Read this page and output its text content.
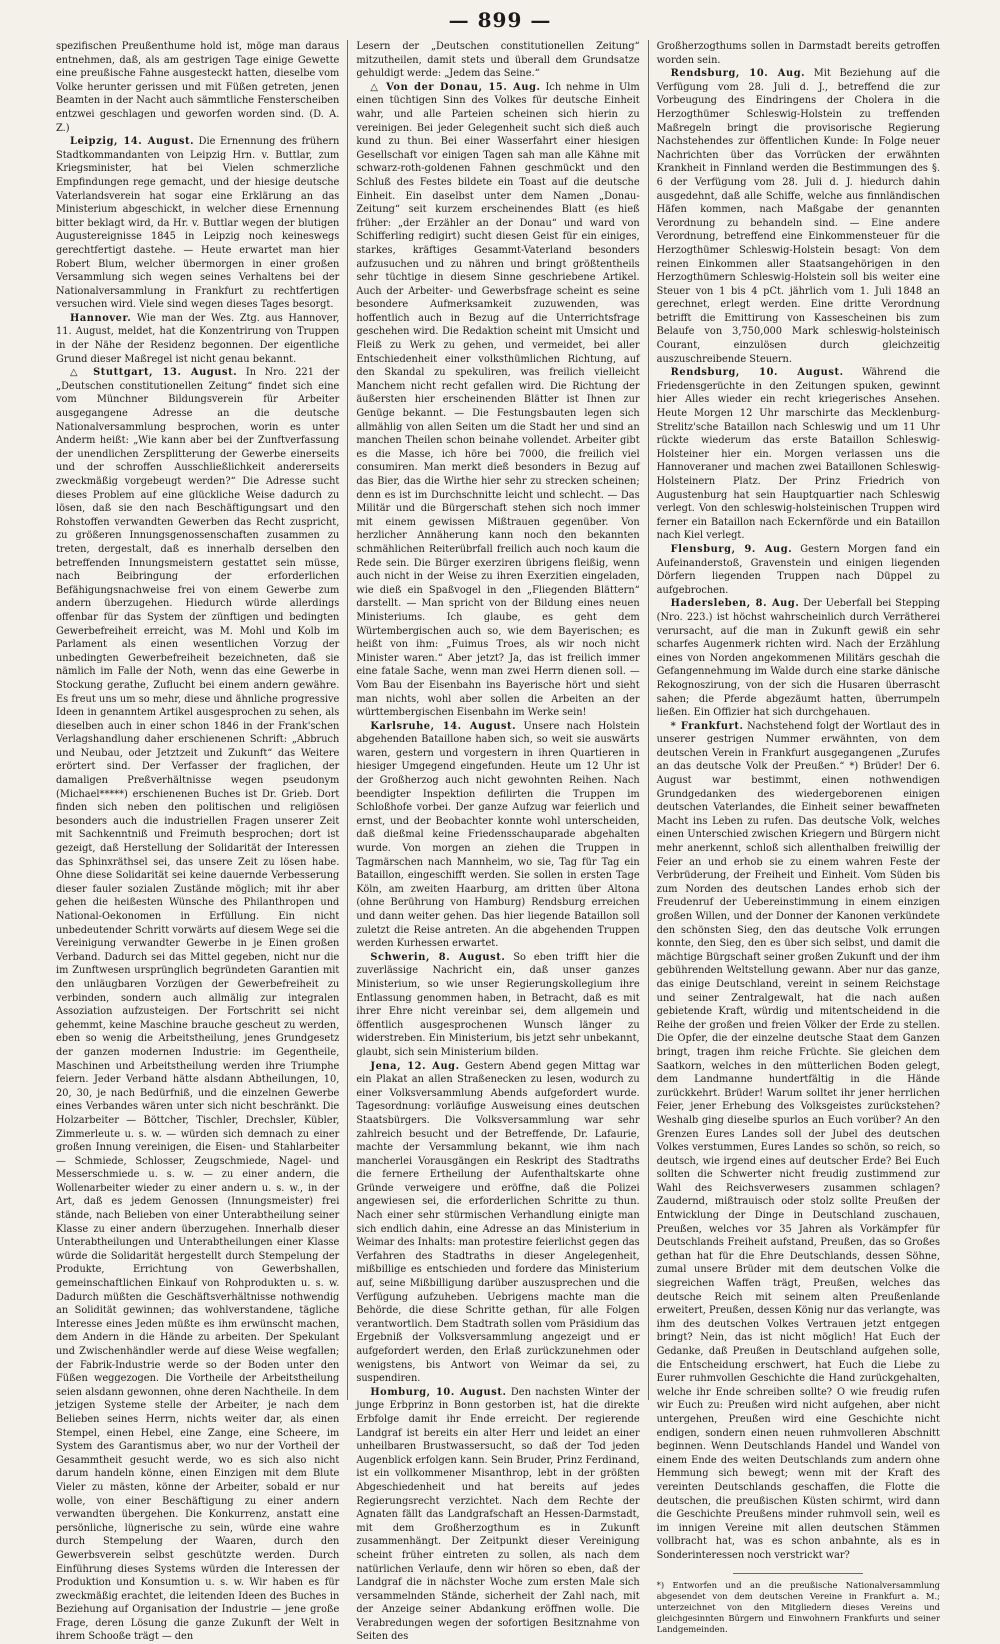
— 899 —

spezifischen Preußenthume hold ist, möge man daraus entnehmen, daß, als am gestrigen Tage einige Gewette eine preußische Fahne ausgesteckt hatten, dieselbe vom Volke herunter gerissen und mit Füßen getreten, jenen Beamten in der Nacht auch sämmtliche Fensterscheiben entzwei geschlagen und geworfen worden sind. (D. A. Z.)

Leipzig, 14. August. Die Ernennung des frühern Stadtkommandanten von Leipzig Hrn. v. Buttlar, zum Kriegsminister, hat bei Vielen schmerzliche Empfindungen rege gemacht, und der hiesige deutsche Vaterlandsverein hat sogar eine Erklärung an das Ministerium abgeschickt, in welcher diese Ernennung bitter beklagt wird, da Hr. v. Buttlar wegen der blutigen Augustereignisse 1845 in Leipzig noch keineswegs gerechtfertigt dastehe. — Heute erwartet man hier Robert Blum, welcher übermorgen in einer großen Versammlung sich wegen seines Verhaltens bei der Nationalversammlung in Frankfurt zu rechtfertigen versuchen wird. Viele sind wegen dieses Tages besorgt.

Hannover. Wie man der Wes. Ztg. aus Hannover, 11. August, meldet, hat die Konzentrirung von Truppen in der Nähe der Residenz begonnen. Der eigentliche Grund dieser Maßregel ist nicht genau bekannt.

△ Stuttgart, 13. August. In Nro. 221 der „Deutschen constitutionellen Zeitung“ findet sich eine vom Münchner Bildungsverein für Arbeiter ausgegangene Adresse an die deutsche Nationalversammlung besprochen, worin es unter Anderm heißt: „Wie kann aber bei der Zunftverfassung der unendlichen Zersplitterung der Gewerbe einerseits und der schroffen Ausschließlichkeit andererseits zweckmäßig vorgebeugt werden?“ Die Adresse sucht dieses Problem auf eine glückliche Weise dadurch zu lösen, daß sie den nach Beschäftigungsart und den Rohstoffen verwandten Gewerben das Recht zuspricht, zu größeren Innungsgenossenschaften zusammen zu treten, dergestalt, daß es innerhalb derselben den betreffenden Innungsmeistern gestattet sein müsse, nach Beibringung der erforderlichen Befähigungsnachweise frei von einem Gewerbe zum andern überzugehen. Hiedurch würde allerdings offenbar für das System der zünftigen und bedingten Gewerbefreiheit erreicht, was M. Mohl und Kolb im Parlament als einen wesentlichen Vorzug der unbedingten Gewerbefreiheit bezeichneten, daß sie nämlich im Falle der Noth, wenn das eine Gewerbe in Stockung gerathe, Zuflucht bei einem andern gewähre. Es freut uns um so mehr, diese und ähnliche progressive Ideen in genanntem Artikel ausgesprochen zu sehen, als dieselben auch in einer schon 1846 in der Frank'schen Verlagshandlung daher erschienenen Schrift: „Abbruch und Neubau, oder Jetztzeit und Zukunft“ das Weitere erörtert sind. Der Verfasser der fraglichen, der damaligen Preßverhältnisse wegen pseudonym (Michael*****) erschienenen Buches ist Dr. Grieb. Dort finden sich neben den politischen und religiösen besonders auch die industriellen Fragen unserer Zeit mit Sachkenntniß und Freimuth besprochen; dort ist gezeigt, daß Herstellung der Solidarität der Interessen das Sphinxräthsel sei, das unsere Zeit zu lösen habe. Ohne diese Solidarität sei keine dauernde Verbesserung dieser fauler sozialen Zustände möglich; mit ihr aber gehen die heißesten Wünsche des Philanthropen und National-Oekonomen in Erfüllung. Ein nicht unbedeutender Schritt vorwärts auf diesem Wege sei die Vereinigung verwandter Gewerbe in je Einen großen Verband. Dadurch sei das Mittel gegeben, nicht nur die im Zunftwesen ursprünglich begründeten Garantien mit den unläugbaren Vorzügen der Gewerbefreiheit zu verbinden, sondern auch allmälig zur integralen Assoziation aufzusteigen. Der Fortschritt sei nicht gehemmt, keine Maschine brauche gescheut zu werden, eben so wenig die Arbeitstheilung, jenes Grundgesetz der ganzen modernen Industrie: im Gegentheile, Maschinen und Arbeitstheilung werden ihre Triumphe feiern. Jeder Verband hätte alsdann Abtheilungen, 10, 20, 30, je nach Bedürfniß, und die einzelnen Gewerbe eines Verbandes wären unter sich nicht beschränkt. Die Holzarbeiter — Böttcher, Tischler, Drechsler, Kübler, Zimmerleute u. s. w. — würden sich demnach zu einer großen Innung vereinigen, die Eisen- und Stahlarbeiter — Schmiede, Schlosser, Zeugschmiede, Nagel- und Messerschmiede u. s. w. — zu einer andern, die Wollenarbeiter wieder zu einer andern u. s. w., in der Art, daß es jedem Genossen (Innungsmeister) frei stände, nach Belieben von einer Unterabtheilung seiner Klasse zu einer andern überzugehen. Innerhalb dieser Unterabtheilungen und Unterabtheilungen einer Klasse würde die Solidarität hergestellt durch Stempelung der Produkte, Errichtung von Gewerbshallen, gemeinschaftlichen Einkauf von Rohprodukten u. s. w. Dadurch müßten die Geschäftsverhältnisse nothwendig an Solidität gewinnen; das wohlverstandene, tägliche Interesse eines Jeden müßte es ihm erwünscht machen, dem Andern in die Hände zu arbeiten. Der Spekulant und Zwischenhändler werde auf diese Weise wegfallen; der Fabrik-Industrie werde so der Boden unter den Füßen weggezogen. Die Vortheile der Arbeitstheilung seien alsdann gewonnen, ohne deren Nachtheile. In dem jetzigen Systeme stelle der Arbeiter, je nach dem Belieben seines Herrn, nichts weiter dar, als einen Stempel, einen Hebel, eine Zange, eine Scheere, im System des Garantismus aber, wo nur der Vortheil der Gesammtheit gesucht werde, wo es sich also nicht darum handeln könne, einen Einzigen mit dem Blute Vieler zu mästen, könne der Arbeiter, sobald er nur wolle, von einer Beschäftigung zu einer andern verwandten übergehen. Die Konkurrenz, anstatt eine persönliche, lügnerische zu sein, würde eine wahre durch Stempelung der Waaren, durch den Gewerbsverein selbst geschützte werden. Durch Einführung dieses Systems würden die Interessen der Produktion und Konsumtion u. s. w. Wir haben es für zweckmäßig erachtet, die leitenden Ideen des Buches in Beziehung auf Organisation der Industrie — jene große Frage, deren Lösung die ganze Zukunft der Welt in ihrem Schooße trägt — den

Lesern der „Deutschen constitutionellen Zeitung“ mitzutheilen, damit stets und überall dem Grundsatze gehuldigt werde: „Jedem das Seine.“

△ Von der Donau, 15. Aug. Ich nehme in Ulm einen tüchtigen Sinn des Volkes für deutsche Einheit wahr, und alle Parteien scheinen sich hierin zu vereinigen. Bei jeder Gelegenheit sucht sich dieß auch kund zu thun. Bei einer Wasserfahrt einer hiesigen Gesellschaft vor einigen Tagen sah man alle Kähne mit schwarz-roth-goldenen Fahnen geschmückt und den Schluß des Festes bildete ein Toast auf die deutsche Einheit. Ein daselbst unter dem Namen „Donau-Zeitung“ seit kurzem erscheinendes Blatt (es hieß früher: „der Erzähler an der Donau“ und ward von Schifferling redigirt) sucht diesen Geist für ein einiges, starkes, kräftiges Gesammt-Vaterland besonders aufzusuchen und zu nähren und bringt größtentheils sehr tüchtige in diesem Sinne geschriebene Artikel. Auch der Arbeiter- und Gewerbsfrage scheint es seine besondere Aufmerksamkeit zuzuwenden, was hoffentlich auch in Bezug auf die Unterrichtsfrage geschehen wird. Die Redaktion scheint mit Umsicht und Fleiß zu Werk zu gehen, und vermeidet, bei aller Entschiedenheit einer volksthümlichen Richtung, auf den Skandal zu spekuliren, was freilich vielleicht Manchem nicht recht gefallen wird. Die Richtung der äußersten hier erscheinenden Blätter ist Ihnen zur Genüge bekannt. — Die Festungsbauten legen sich allmählig von allen Seiten um die Stadt her und sind an manchen Theilen schon beinahe vollendet. Arbeiter gibt es die Masse, ich höre bei 7000, die freilich viel consumiren. Man merkt dieß besonders in Bezug auf das Bier, das die Wirthe hier sehr zu strecken scheinen; denn es ist im Durchschnitte leicht und schlecht. — Das Militär und die Bürgerschaft stehen sich noch immer mit einem gewissen Mißtrauen gegenüber. Von herzlicher Annäherung kann noch den bekannten schmählichen Reiterübrfall freilich auch noch kaum die Rede sein. Die Bürger exerziren übrigens fleißig, wenn auch nicht in der Weise zu ihren Exerzitien eingeladen, wie dieß ein Spaßvogel in den „Fliegenden Blättern“ darstellt. — Man spricht von der Bildung eines neuen Ministeriums. Ich glaube, es geht dem Würtembergischen auch so, wie dem Bayerischen; es heißt von ihm: „Fuimus Troes, als wir noch nicht Minister waren.“ Aber jetzt? Ja, das ist freilich immer eine fatale Sache, wenn man zwei Herrn dienen soll. — Vom Bau der Eisenbahn ins Bayerische hört und sieht man nichts, wohl aber sollen die Arbeiten an der württembergischen Eisenbahn im Werke sein!

Karlsruhe, 14. August. Unsere nach Holstein abgehenden Bataillone haben sich, so weit sie auswärts waren, gestern und vorgestern in ihren Quartieren in hiesiger Umgegend eingefunden. Heute um 12 Uhr ist der Großherzog auch nicht gewohnten Reihen. Nach beendigter Inspektion defilirten die Truppen im Schloßhofe vorbei. Der ganze Aufzug war feierlich und ernst, und der Beobachter konnte wohl unterscheiden, daß dießmal keine Friedensschauparade abgehalten wurde. Von morgen an ziehen die Truppen in Tagmärschen nach Mannheim, wo sie, Tag für Tag ein Bataillon, eingeschifft werden. Sie sollen in ersten Tage Köln, am zweiten Haarburg, am dritten über Altona (ohne Berührung von Hamburg) Rendsburg erreichen und dann weiter gehen. Das hier liegende Bataillon soll zuletzt die Reise antreten. An die abgehenden Truppen werden Kurhessen erwartet.

Schwerin, 8. August. So eben trifft hier die zuverlässige Nachricht ein, daß unser ganzes Ministerium, so wie unser Regierungskollegium ihre Entlassung genommen haben, in Betracht, daß es mit ihrer Ehre nicht vereinbar sei, dem allgemein und öffentlich ausgesprochenen Wunsch länger zu widerstreben. Ein Ministerium, bis jetzt sehr unbekannt, glaubt, sich sein Ministerium bilden.

Jena, 12. Aug. Gestern Abend gegen Mittag war ein Plakat an allen Straßenecken zu lesen, wodurch zu einer Volksversammlung Abends aufgefordert wurde. Tagesordnung: vorläufige Ausweisung eines deutschen Staatsbürgers. Die Volksversammlung war sehr zahlreich besucht und der Betreffende, Dr. Lafaurie, machte der Versammlung bekannt, wie ihm nach mancherlei Vorausgängen ein Reskript des Stadtraths die fernere Ertheilung der Aufenthaltskarte ohne Gründe verweigere und eröffne, daß die Polizei angewiesen sei, die erforderlichen Schritte zu thun. Nach einer sehr stürmischen Verhandlung einigte man sich endlich dahin, eine Adresse an das Ministerium in Weimar des Inhalts: man protestire feierlichst gegen das Verfahren des Stadtraths in dieser Angelegenheit, mißbillige es entschieden und fordere das Ministerium auf, seine Mißbilligung darüber auszusprechen und die Verfügung aufzuheben. Uebrigens machte man die Behörde, die diese Schritte gethan, für alle Folgen verantwortlich. Dem Stadtrath sollen vom Präsidium das Ergebniß der Volksversammlung angezeigt und er aufgefordert werden, den Erlaß zurückzunehmen oder wenigstens, bis Antwort von Weimar da sei, zu suspendiren.

Homburg, 10. August. Den nachsten Winter der junge Erbprinz in Bonn gestorben ist, hat die direkte Erbfolge damit ihr Ende erreicht. Der regierende Landgraf ist bereits ein alter Herr und leidet an einer unheilbaren Brustwassersucht, so daß der Tod jeden Augenblick erfolgen kann. Sein Bruder, Prinz Ferdinand, ist ein vollkommener Misanthrop, lebt in der größten Abgeschiedenheit und hat bereits auf jedes Regierungsrecht verzichtet. Nach dem Rechte der Agnaten fällt das Landgrafschaft an Hessen-Darmstadt, mit dem Großherzogthum es in Zukunft zusammenhängt. Der Zeitpunkt dieser Vereinigung scheint früher eintreten zu sollen, als nach dem natürlichen Verlaufe, denn wir hören so eben, daß der Landgraf die in nächster Woche zum ersten Male sich versammelnden Stände, sicherheit der Zahl nach, mit der Anzeige seiner Abdankung eröffnen wolle. Die Verabredungen wegen der sofortigen Besitznahme von Seiten des

Großherzogthums sollen in Darmstadt bereits getroffen worden sein.

Rendsburg, 10. Aug. Mit Beziehung auf die Verfügung vom 28. Juli d. J., betreffend die zur Vorbeugung des Eindringens der Cholera in die Herzogthümer Schleswig-Holstein zu treffenden Maßregeln bringt die provisorische Regierung Nachstehendes zur öffentlichen Kunde: In Folge neuer Nachrichten über das Vorrücken der erwähnten Krankheit in Finnland werden die Bestimmungen des §. 6 der Verfügung vom 28. Juli d. J. hiedurch dahin ausgedehnt, daß alle Schiffe, welche aus finnländischen Häfen kommen, nach Maßgabe der genannten Verordnung zu behandeln sind. — Eine andere Verordnung, betreffend eine Einkommensteuer für die Herzogthümer Schleswig-Holstein besagt: Von dem reinen Einkommen aller Staatsangehörigen in den Herzogthümern Schleswig-Holstein soll bis weiter eine Steuer von 1 bis 4 pCt. jährlich vom 1. Juli 1848 an gerechnet, erlegt werden. Eine dritte Verordnung betrifft die Emittirung von Kassescheinen bis zum Belaufe von 3,750,000 Mark schleswig-holsteinisch Courant, einzulösen durch gleichzeitig auszuschreibende Steuern.

Rendsburg, 10. August. Während die Friedensgerüchte in den Zeitungen spuken, gewinnt hier Alles wieder ein recht kriegerisches Ansehen. Heute Morgen 12 Uhr marschirte das Mecklenburg-Strelitz'sche Bataillon nach Schleswig und um 11 Uhr rückte wiederum das erste Bataillon Schleswig-Holsteiner hier ein. Morgen verlassen uns die Hannoveraner und machen zwei Bataillonen Schleswig-Holsteinern Platz. Der Prinz Friedrich von Augustenburg hat sein Hauptquartier nach Schleswig verlegt. Von den schleswig-holsteinischen Truppen wird ferner ein Bataillon nach Eckernförde und ein Bataillon nach Kiel verlegt.

Flensburg, 9. Aug. Gestern Morgen fand ein Aufeinanderstoß, Gravenstein und einigen liegenden Dörfern liegenden Truppen nach Düppel zu aufgebrochen.

Hadersleben, 8. Aug. Der Ueberfall bei Stepping (Nro. 223.) ist höchst wahrscheinlich durch Verrätherei verursacht, auf die man in Zukunft gewiß ein sehr scharfes Augenmerk richten wird. Nach der Erzählung eines von Norden angekommenen Militärs geschah die Gefangennehmung im Walde durch eine starke dänische Rekognoszirung, von der sich die Husaren überrascht sahen; die Pferde abgezäumt hatten, überrumpeln ließen. Ein Offizier hat sich durchgehauen.

* Frankfurt. Nachstehend folgt der Wortlaut des in unserer gestrigen Nummer erwähnten, von dem deutschen Verein in Frankfurt ausgegangenen „Zurufes an das deutsche Volk der Preußen.“ *) Brüder! Der 6. August war bestimmt, einen nothwendigen Grundgedanken des wiedergeborenen einigen deutschen Vaterlandes, die Einheit seiner bewaffneten Macht ins Leben zu rufen. Das deutsche Volk, welches einen Unterschied zwischen Kriegern und Bürgern nicht mehr anerkennt, schloß sich allenthalben freiwillig der Feier an und erhob sie zu einem wahren Feste der Verbrüderung, der Freiheit und Einheit. Vom Süden bis zum Norden des deutschen Landes erhob sich der Freudenruf der Uebereinstimmung in einem einzigen großen Willen, und der Donner der Kanonen verkündete den schönsten Sieg, den das deutsche Volk errungen konnte, den Sieg, den es über sich selbst, und damit die mächtige Bürgschaft seiner großen Zukunft und der ihm gebührenden Weltstellung gewann. Aber nur das ganze, das einige Deutschland, vereint in seinem Reichstage und seiner Zentralgewalt, hat die nach außen gebietende Kraft, würdig und mitentscheidend in die Reihe der großen und freien Völker der Erde zu stellen. Die Opfer, die der einzelne deutsche Staat dem Ganzen bringt, tragen ihm reiche Früchte. Sie gleichen dem Saatkorn, welches in den mütterlichen Boden gelegt, dem Landmanne hundertfältig in die Hände zurückkehrt. Brüder! Warum solltet ihr jener herrlichen Feier, jener Erhebung des Volksgeistes zurückstehen? Weshalb ging dieselbe spurlos an Euch vorüber? An den Grenzen Eures Landes soll der Jubel des deutschen Volkes verstummen, Eures Landes so schön, so reich, so deutsch, wie irgend eines auf deutscher Erde? Bei Euch sollten die Schwerter nicht freudig zustimmend zur Wahl des Reichsverwesers zusammen schlagen? Zaudernd, mißtrauisch oder stolz sollte Preußen der Entwicklung der Dinge in Deutschland zuschauen, Preußen, welches vor 35 Jahren als Vorkämpfer für Deutschlands Freiheit aufstand, Preußen, das so Großes gethan hat für die Ehre Deutschlands, dessen Söhne, zumal unsere Brüder mit dem deutschen Volke die siegreichen Waffen trägt, Preußen, welches das deutsche Reich mit seinem alten Preußenlande erweitert, Preußen, dessen König nur das verlangte, was ihm des deutschen Volkes Vertrauen jetzt entgegen bringt? Nein, das ist nicht möglich! Hat Euch der Gedanke, daß Preußen in Deutschland aufgehen solle, die Entscheidung erschwert, hat Euch die Liebe zu Eurer ruhmvollen Geschichte die Hand zurückgehalten, welche ihr Ende schreiben sollte? O wie freudig rufen wir Euch zu: Preußen wird nicht aufgehen, aber nicht untergehen, Preußen wird eine Geschichte nicht endigen, sondern einen neuen ruhmvolleren Abschnitt beginnen. Wenn Deutschlands Handel und Wandel von einem Ende des weiten Deutschlands zum andern ohne Hemmung sich bewegt; wenn mit der Kraft des vereinten Deutschlands geschaffen, die Flotte die deutschen, die preußischen Küsten schirmt, wird dann die Geschichte Preußens minder ruhmvoll sein, weil es im innigen Vereine mit allen deutschen Stämmen vollbracht hat, was es schon anbahnte, als es in Sonderinteressen noch verstrickt war?

*) Entworfen und an die preußische Nationalversammlung abgesendet von dem deutschen Vereine in Frankfurt a. M.; unterzeichnet von den Mitgliedern dieses Vereins und gleichgesinnten Bürgern und Einwohnern Frankfurts und seiner Landgemeinden.
